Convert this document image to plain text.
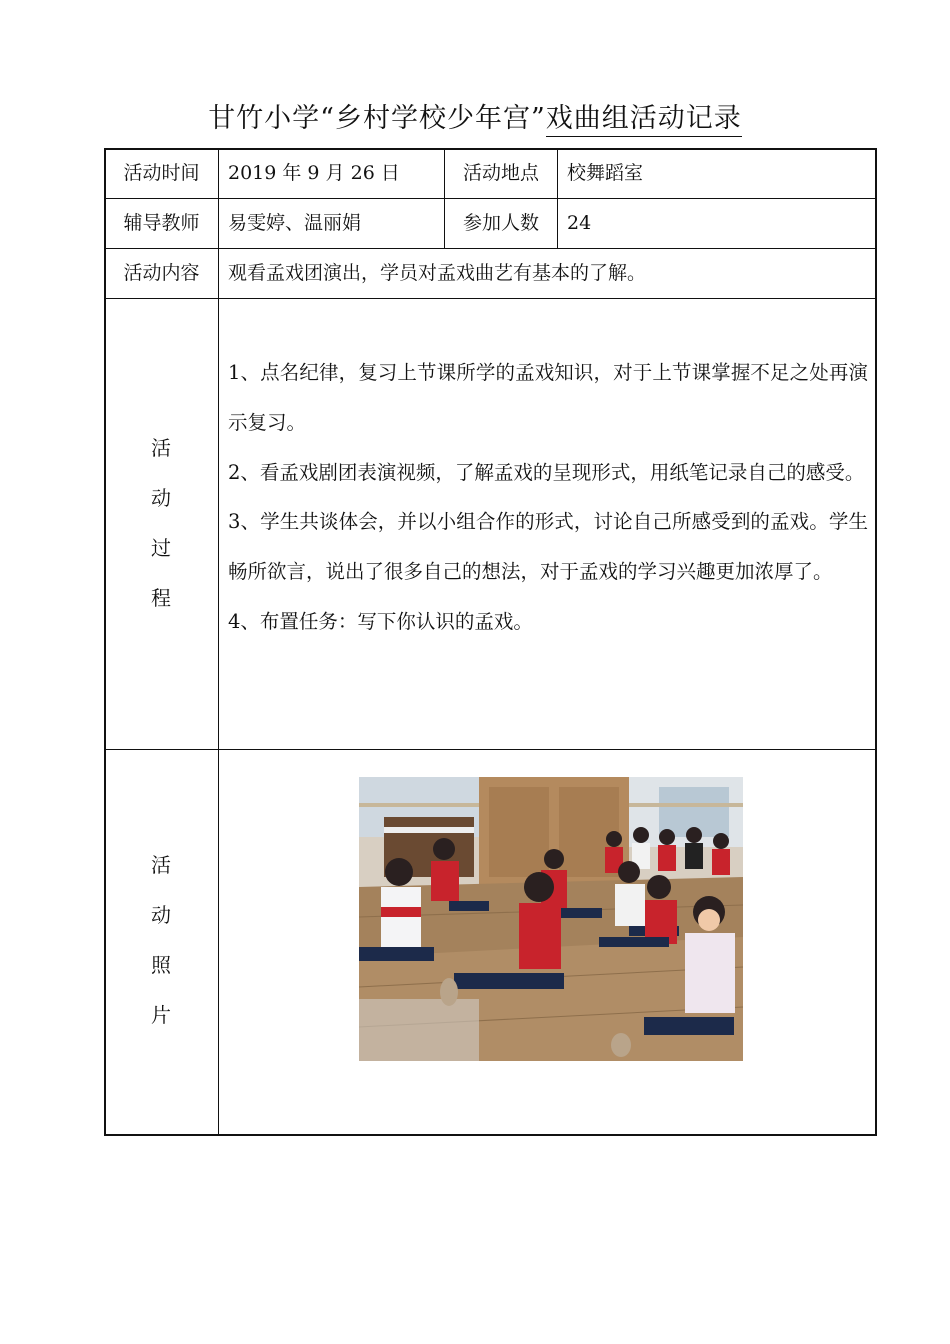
甘竹小学“乡村学校少年宫”戏曲组活动记录
活动时间	2019 年 9 月 26 日	活动地点	校舞蹈室
辅导教师	易雯婷、温丽娟	参加人数	24
活动内容	观看孟戏团演出，学员对孟戏曲艺有基本的了解。
活
动
过
程

1、点名纪律，复习上节课所学的孟戏知识，对于上节课掌握不足之处再演示复习。

2、看孟戏剧团表演视频，了解孟戏的呈现形式，用纸笔记录自己的感受。

3、学生共谈体会，并以小组合作的形式，讨论自己所感受到的孟戏。学生畅所欲言，说出了很多自己的想法，对于孟戏的学习兴趣更加浓厚了。

4、布置任务：写下你认识的孟戏。

活
动
照
片
